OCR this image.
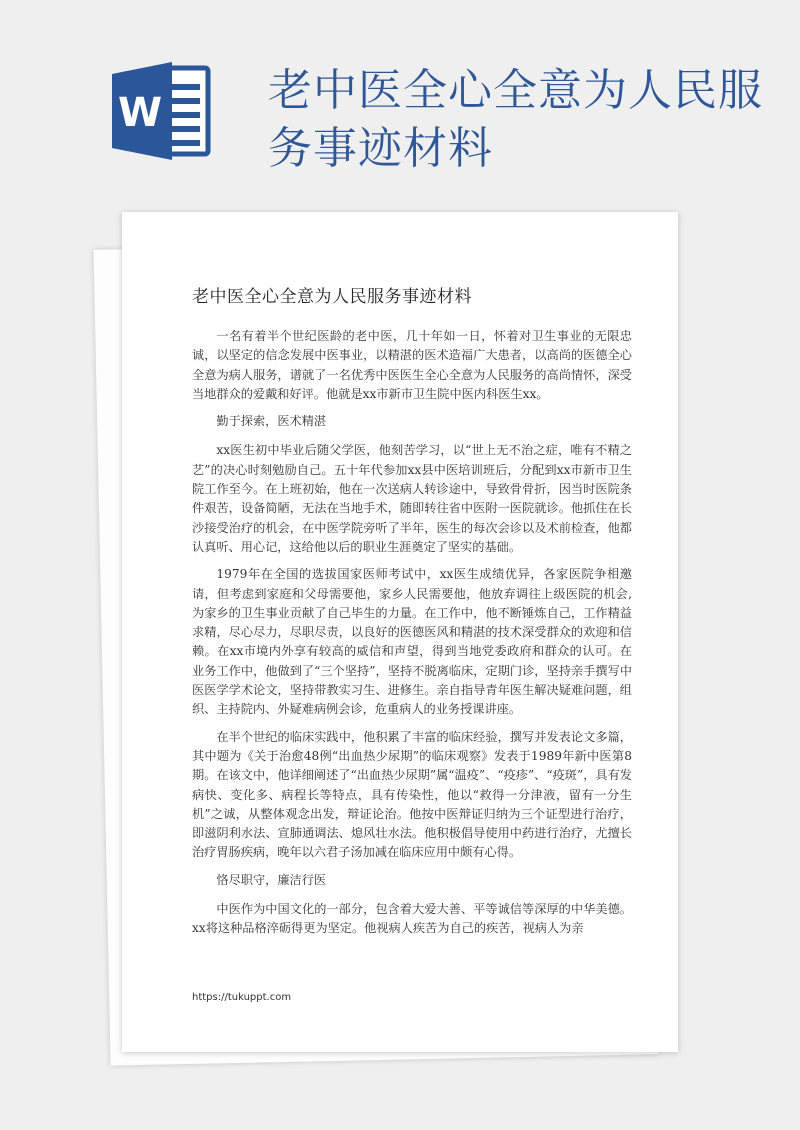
W 老中医全心全意为人民服务事迹材料
老中医全心全意为人民服务事迹材料

一名有着半个世纪医龄的老中医，几十年如一日，怀着对卫生事业的无限忠诚，以坚定的信念发展中医事业，以精湛的医术造福广大患者，以高尚的医德全心全意为病人服务，谱就了一名优秀中医医生全心全意为人民服务的高尚情怀，深受当地群众的爱戴和好评。他就是xx市新市卫生院中医内科医生xx。

勤于探索，医术精湛

xx医生初中毕业后随父学医，他刻苦学习，以“世上无不治之症，唯有不精之艺”的决心时刻勉励自己。五十年代参加xx县中医培训班后，分配到xx市新市卫生院工作至今。在上班初始，他在一次送病人转诊途中，导致骨骨折，因当时医院条件艰苦，设备简陋，无法在当地手术，随即转往省中医附一医院就诊。他抓住在长沙接受治疗的机会，在中医学院旁听了半年，医生的每次会诊以及术前检查，他都认真听、用心记，这给他以后的职业生涯奠定了坚实的基础。

1979年在全国的选拔国家医师考试中，xx医生成绩优异，各家医院争相邀请，但考虑到家庭和父母需要他，家乡人民需要他，他放弃调往上级医院的机会,为家乡的卫生事业贡献了自己毕生的力量。在工作中，他不断锤炼自己，工作精益求精，尽心尽力，尽职尽责，以良好的医德医风和精湛的技术深受群众的欢迎和信赖。在xx市境内外享有较高的威信和声望，得到当地党委政府和群众的认可。在业务工作中，他做到了“三个坚持”，坚持不脱离临床，定期门诊，坚持亲手撰写中医医学学术论文，坚持带教实习生、进修生。亲自指导青年医生解决疑难问题，组织、主持院内、外疑难病例会诊，危重病人的业务授课讲座。

在半个世纪的临床实践中，他积累了丰富的临床经验，撰写并发表论文多篇，其中题为《关于治愈48例“出血热少尿期”的临床观察》发表于1989年新中医第8期。在该文中，他详细阐述了“出血热少尿期”属“温疫”、“疫疹”、“疫斑”，具有发病快、变化多、病程长等特点，具有传染性，他以“救得一分津液，留有一分生机”之诚，从整体观念出发，辩证论治。他按中医辩证归纳为三个证型进行治疗，即滋阴利水法、宣肺通调法、熄风壮水法。他积极倡导使用中药进行治疗，尤擅长治疗胃肠疾病，晚年以六君子汤加减在临床应用中颇有心得。

恪尽职守，廉洁行医

中医作为中国文化的一部分，包含着大爱大善、平等诚信等深厚的中华美德。xx将这种品格淬砺得更为坚定。他视病人疾苦为自己的疾苦，视病人为亲

https://tukuppt.com
